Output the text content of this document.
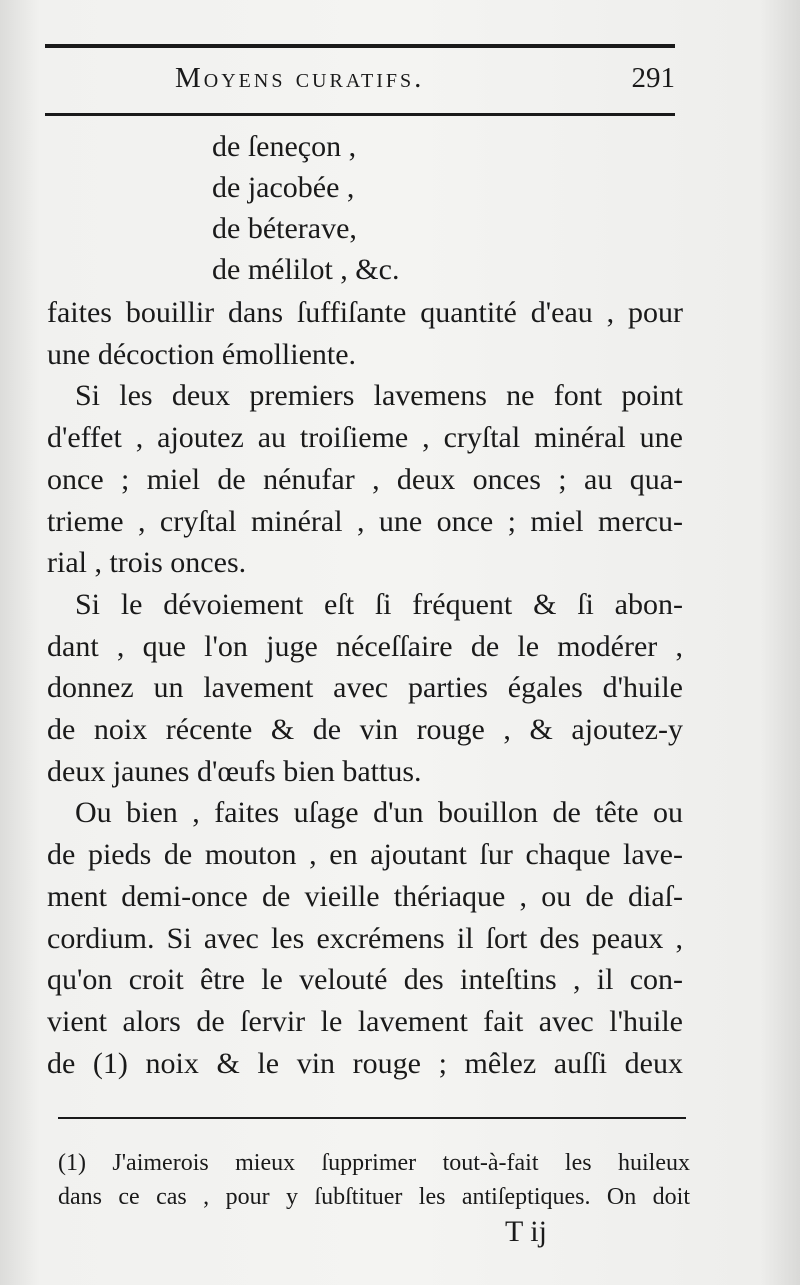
Moyens curatifs.	291
de ſeneçon ,
de jacobée ,
de béterave,
de mélilot , &c.
faites bouillir dans ſuffiſante quantité d'eau , pour
une décoction émolliente.
Si les deux premiers lavemens ne font point
d'effet , ajoutez au troiſieme , cryſtal minéral une
once ; miel de nénufar , deux onces ; au qua-
trieme , cryſtal minéral , une once ; miel mercu-
rial , trois onces.
Si le dévoiement eſt ſi fréquent & ſi abon-
dant , que l'on juge néceſſaire de le modérer ,
donnez un lavement avec parties égales d'huile
de noix récente & de vin rouge , & ajoutez-y
deux jaunes d'œufs bien battus.
Ou bien , faites uſage d'un bouillon de tête ou
de pieds de mouton , en ajoutant ſur chaque lave-
ment demi-once de vieille thériaque , ou de diaſ-
cordium. Si avec les excrémens il ſort des peaux ,
qu'on croit être le velouté des inteſtins , il con-
vient alors de ſervir le lavement fait avec l'huile
de (1) noix & le vin rouge ; mêlez auſſi deux
(1) J'aimerois mieux ſupprimer tout-à-fait les huileux
dans ce cas , pour y ſubſtituer les antiſeptiques. On doit
T ij
